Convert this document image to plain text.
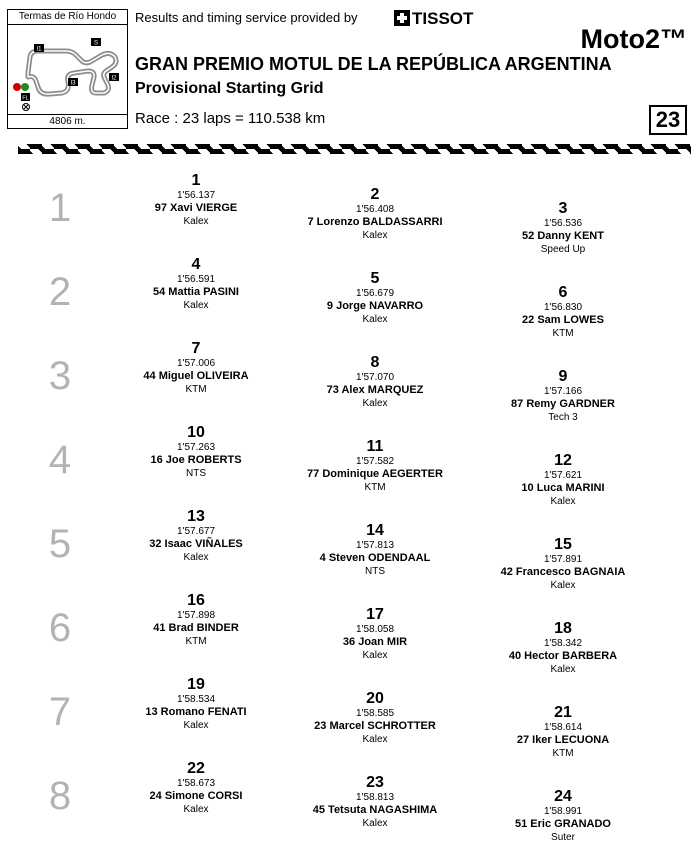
Termas de Río Hondo
I1
S
I3
I2
FL
4806 m.
Results and timing service provided by	TISSOT
Moto2™
GRAN PREMIO MOTUL DE LA REPÚBLICA ARGENTINA
Provisional Starting Grid
Race : 23 laps = 110.538 km	23
1
1
1'56.137
97 Xavi VIERGE
Kalex
2
1'56.408
7 Lorenzo BALDASSARRI
Kalex
3
1'56.536
52 Danny KENT
Speed Up
2
4
1'56.591
54 Mattia PASINI
Kalex
5
1'56.679
9 Jorge NAVARRO
Kalex
6
1'56.830
22 Sam LOWES
KTM
3
7
1'57.006
44 Miguel OLIVEIRA
KTM
8
1'57.070
73 Alex MARQUEZ
Kalex
9
1'57.166
87 Remy GARDNER
Tech 3
4
10
1'57.263
16 Joe ROBERTS
NTS
11
1'57.582
77 Dominique AEGERTER
KTM
12
1'57.621
10 Luca MARINI
Kalex
5
13
1'57.677
32 Isaac VIÑALES
Kalex
14
1'57.813
4 Steven ODENDAAL
NTS
15
1'57.891
42 Francesco BAGNAIA
Kalex
6
16
1'57.898
41 Brad BINDER
KTM
17
1'58.058
36 Joan MIR
Kalex
18
1'58.342
40 Hector BARBERA
Kalex
7
19
1'58.534
13 Romano FENATI
Kalex
20
1'58.585
23 Marcel SCHROTTER
Kalex
21
1'58.614
27 Iker LECUONA
KTM
8
22
1'58.673
24 Simone CORSI
Kalex
23
1'58.813
45 Tetsuta NAGASHIMA
Kalex
24
1'58.991
51 Eric GRANADO
Suter
